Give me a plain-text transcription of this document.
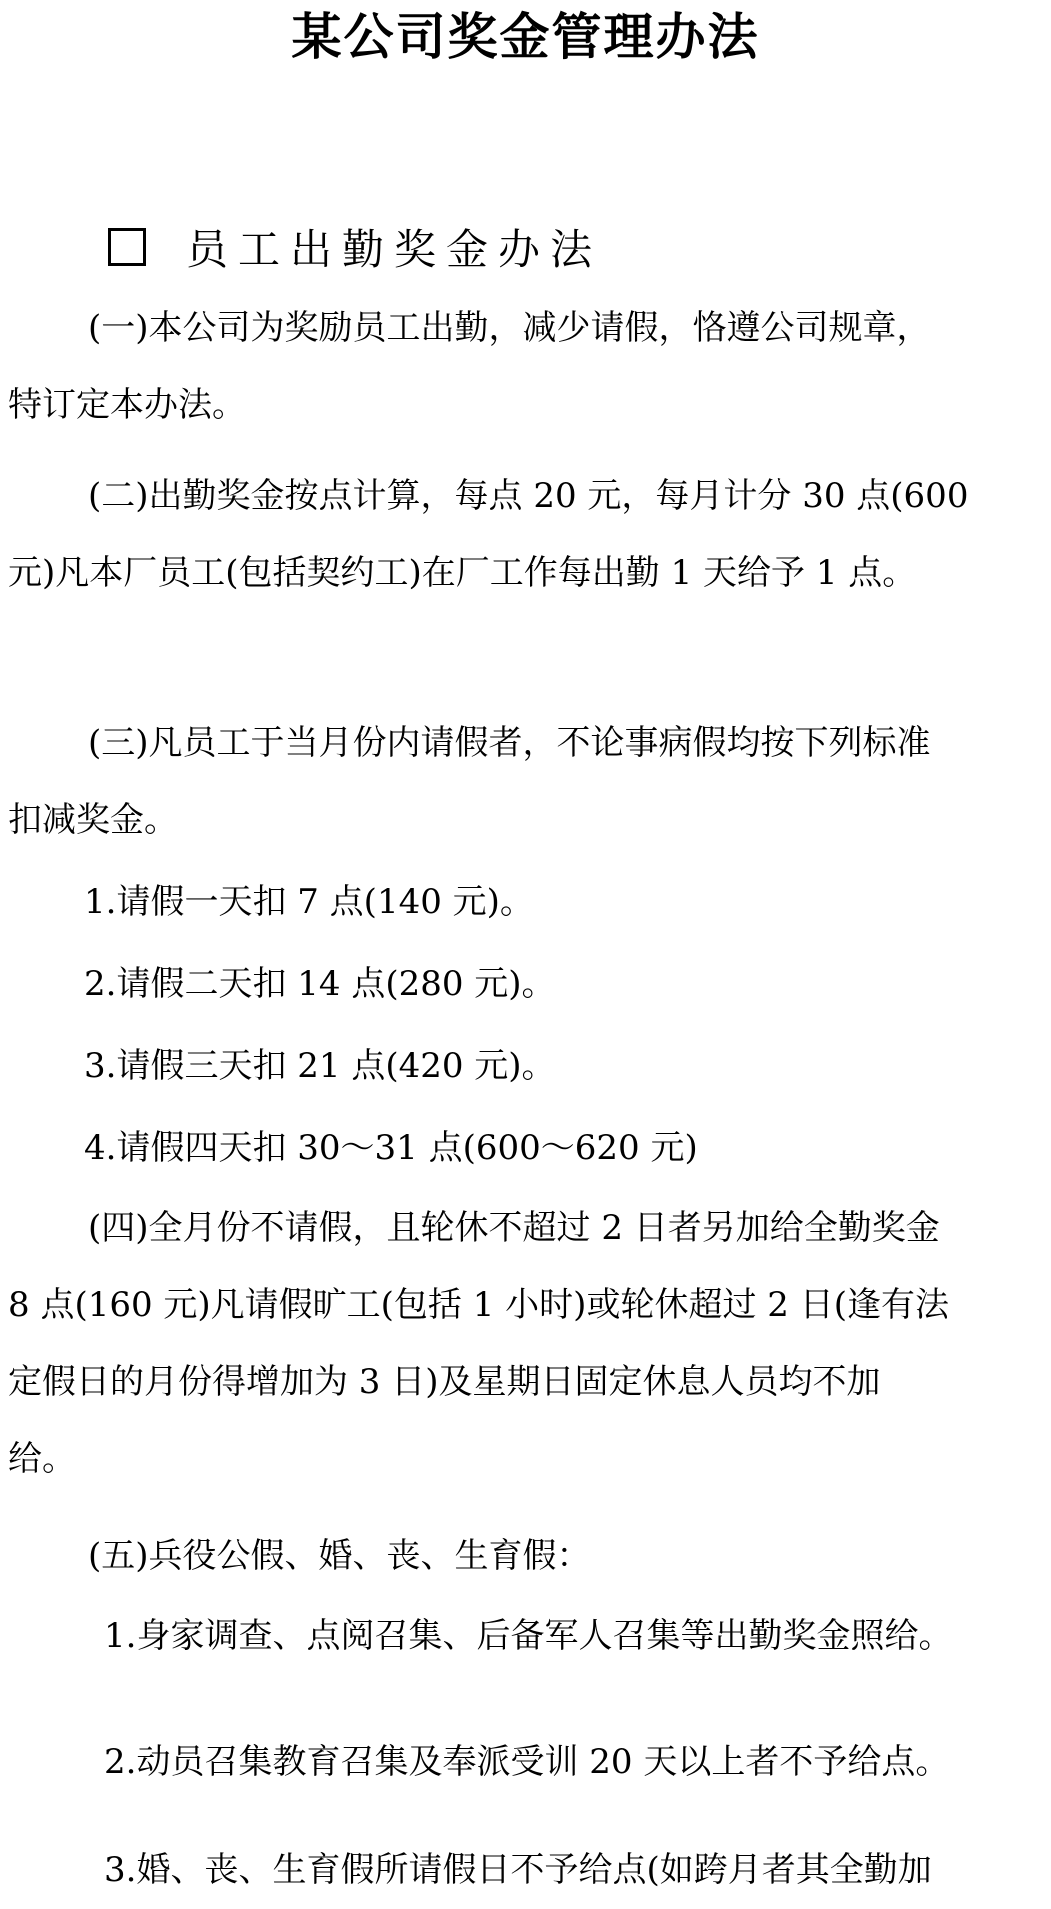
某公司奖金管理办法
员工出勤奖金办法
(一)本公司为奖励员工出勤，减少请假，恪遵公司规章，
特订定本办法。
(二)出勤奖金按点计算，每点 20 元，每月计分 30 点(600
元)凡本厂员工(包括契约工)在厂工作每出勤 1 天给予 1 点。
(三)凡员工于当月份内请假者，不论事病假均按下列标准
扣减奖金。
1.请假一天扣 7 点(140 元)。
2.请假二天扣 14 点(280 元)。
3.请假三天扣 21 点(420 元)。
4.请假四天扣 30～31 点(600～620 元)
(四)全月份不请假，且轮休不超过 2 日者另加给全勤奖金
8 点(160 元)凡请假旷工(包括 1 小时)或轮休超过 2 日(逢有法
定假日的月份得增加为 3 日)及星期日固定休息人员均不加
给。
(五)兵役公假、婚、丧、生育假：
1.身家调查、点阅召集、后备军人召集等出勤奖金照给。
2.动员召集教育召集及奉派受训 20 天以上者不予给点。
3.婚、丧、生育假所请假日不予给点(如跨月者其全勤加
